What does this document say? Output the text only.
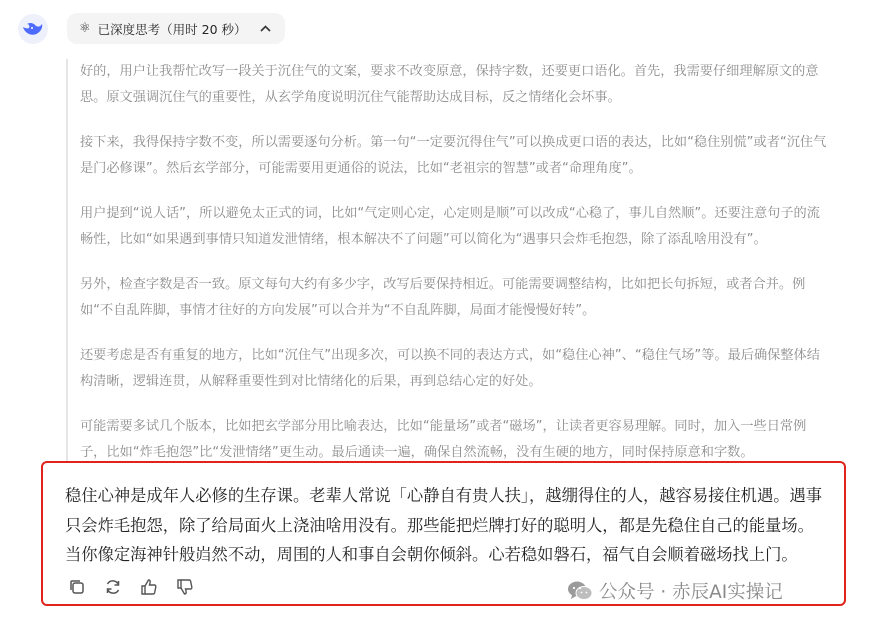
⚛ 已深度思考（用时 20 秒）

好的，用户让我帮忙改写一段关于沉住气的文案，要求不改变原意，保持字数，还要更口语化。首先，我需要仔细理解原文的意思。原文强调沉住气的重要性，从玄学角度说明沉住气能帮助达成目标，反之情绪化会坏事。

接下来，我得保持字数不变，所以需要逐句分析。第一句“一定要沉得住气”可以换成更口语的表达，比如“稳住别慌”或者“沉住气是门必修课”。然后玄学部分，可能需要用更通俗的说法，比如“老祖宗的智慧”或者“命理角度”。

用户提到“说人话”，所以避免太正式的词，比如“气定则心定，心定则是顺”可以改成“心稳了，事儿自然顺”。还要注意句子的流畅性，比如“如果遇到事情只知道发泄情绪，根本解决不了问题”可以简化为“遇事只会炸毛抱怨，除了添乱啥用没有”。

另外，检查字数是否一致。原文每句大约有多少字，改写后要保持相近。可能需要调整结构，比如把长句拆短，或者合并。例如“不自乱阵脚，事情才往好的方向发展”可以合并为“不自乱阵脚，局面才能慢慢好转”。

还要考虑是否有重复的地方，比如“沉住气”出现多次，可以换不同的表达方式，如“稳住心神”、“稳住气场”等。最后确保整体结构清晰，逻辑连贯，从解释重要性到对比情绪化的后果，再到总结心定的好处。

可能需要多试几个版本，比如把玄学部分用比喻表达，比如“能量场”或者“磁场”，让读者更容易理解。同时，加入一些日常例子，比如“炸毛抱怨”比“发泄情绪”更生动。最后通读一遍，确保自然流畅，没有生硬的地方，同时保持原意和字数。

稳住心神是成年人必修的生存课。老辈人常说「心静自有贵人扶」，越绷得住的人，越容易接住机遇。遇事只会炸毛抱怨，除了给局面火上浇油啥用没有。那些能把烂牌打好的聪明人，都是先稳住自己的能量场。当你像定海神针般岿然不动，周围的人和事自会朝你倾斜。心若稳如磐石，福气自会顺着磁场找上门。
公众号 · 赤辰AI实操记
